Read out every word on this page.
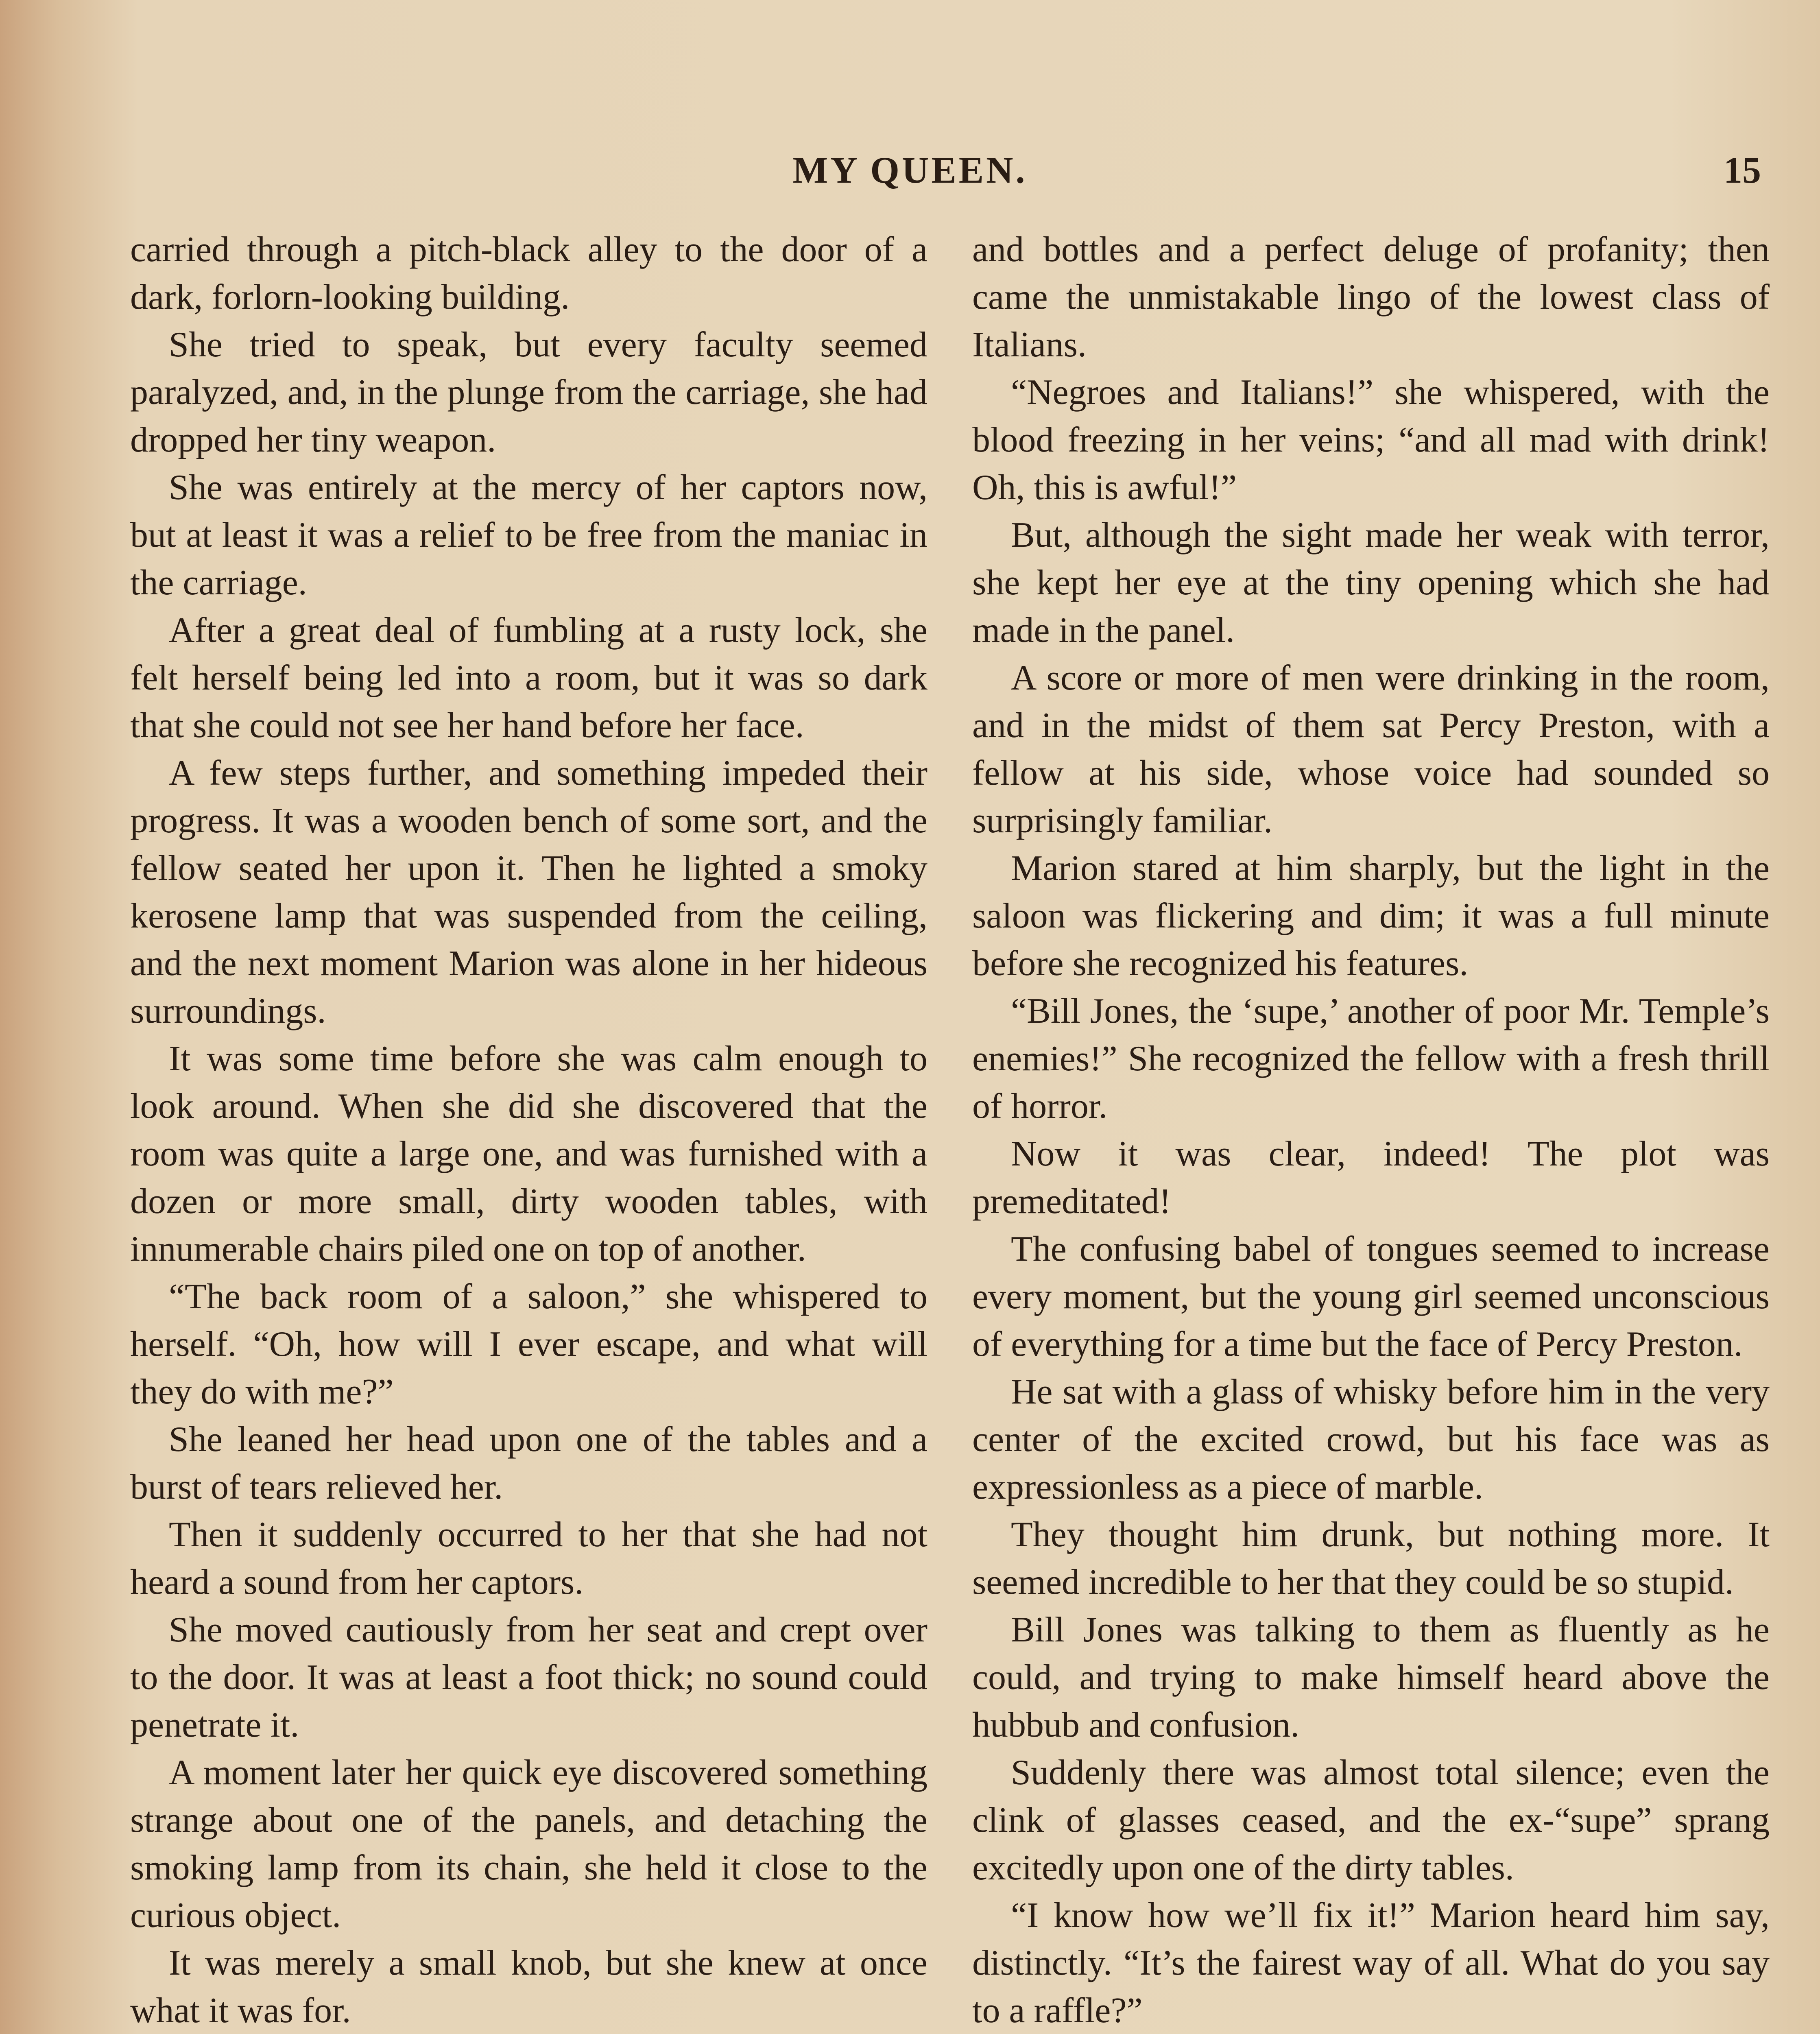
MY QUEEN.	15

carried through a pitch-black alley to the door of a dark, forlorn-looking building.

She tried to speak, but every faculty seemed paralyzed, and, in the plunge from the carriage, she had dropped her tiny weapon.

She was entirely at the mercy of her captors now, but at least it was a relief to be free from the maniac in the carriage.

After a great deal of fumbling at a rusty lock, she felt herself being led into a room, but it was so dark that she could not see her hand before her face.

A few steps further, and something impeded their progress. It was a wooden bench of some sort, and the fellow seated her upon it. Then he lighted a smoky kerosene lamp that was suspended from the ceiling, and the next moment Marion was alone in her hideous surroundings.

It was some time before she was calm enough to look around. When she did she discovered that the room was quite a large one, and was furnished with a dozen or more small, dirty wooden tables, with innumerable chairs piled one on top of another.

“The back room of a saloon,” she whispered to herself. “Oh, how will I ever escape, and what will they do with me?”

She leaned her head upon one of the tables and a burst of tears relieved her.

Then it suddenly occurred to her that she had not heard a sound from her captors.

She moved cautiously from her seat and crept over to the door. It was at least a foot thick; no sound could penetrate it.

A moment later her quick eye discovered something strange about one of the panels, and detaching the smoking lamp from its chain, she held it close to the curious object.

It was merely a small knob, but she knew at once what it was for.

and bottles and a perfect deluge of profanity; then came the unmistakable lingo of the lowest class of Italians.

“Negroes and Italians!” she whispered, with the blood freezing in her veins; “and all mad with drink! Oh, this is awful!”

But, although the sight made her weak with terror, she kept her eye at the tiny opening which she had made in the panel.

A score or more of men were drinking in the room, and in the midst of them sat Percy Preston, with a fellow at his side, whose voice had sounded so surprisingly familiar.

Marion stared at him sharply, but the light in the saloon was flickering and dim; it was a full minute before she recognized his features.

“Bill Jones, the ‘supe,’ another of poor Mr. Temple’s enemies!” She recognized the fellow with a fresh thrill of horror.

Now it was clear, indeed! The plot was premeditated!

The confusing babel of tongues seemed to increase every moment, but the young girl seemed unconscious of everything for a time but the face of Percy Preston.

He sat with a glass of whisky before him in the very center of the excited crowd, but his face was as expressionless as a piece of marble.

They thought him drunk, but nothing more. It seemed incredible to her that they could be so stupid.

Bill Jones was talking to them as fluently as he could, and trying to make himself heard above the hubbub and confusion.

Suddenly there was almost total silence; even the clink of glasses ceased, and the ex-“supe” sprang excitedly upon one of the dirty tables.

“I know how we’ll fix it!” Marion heard him say, distinctly. “It’s the fairest way of all. What do you say to a raffle?”
